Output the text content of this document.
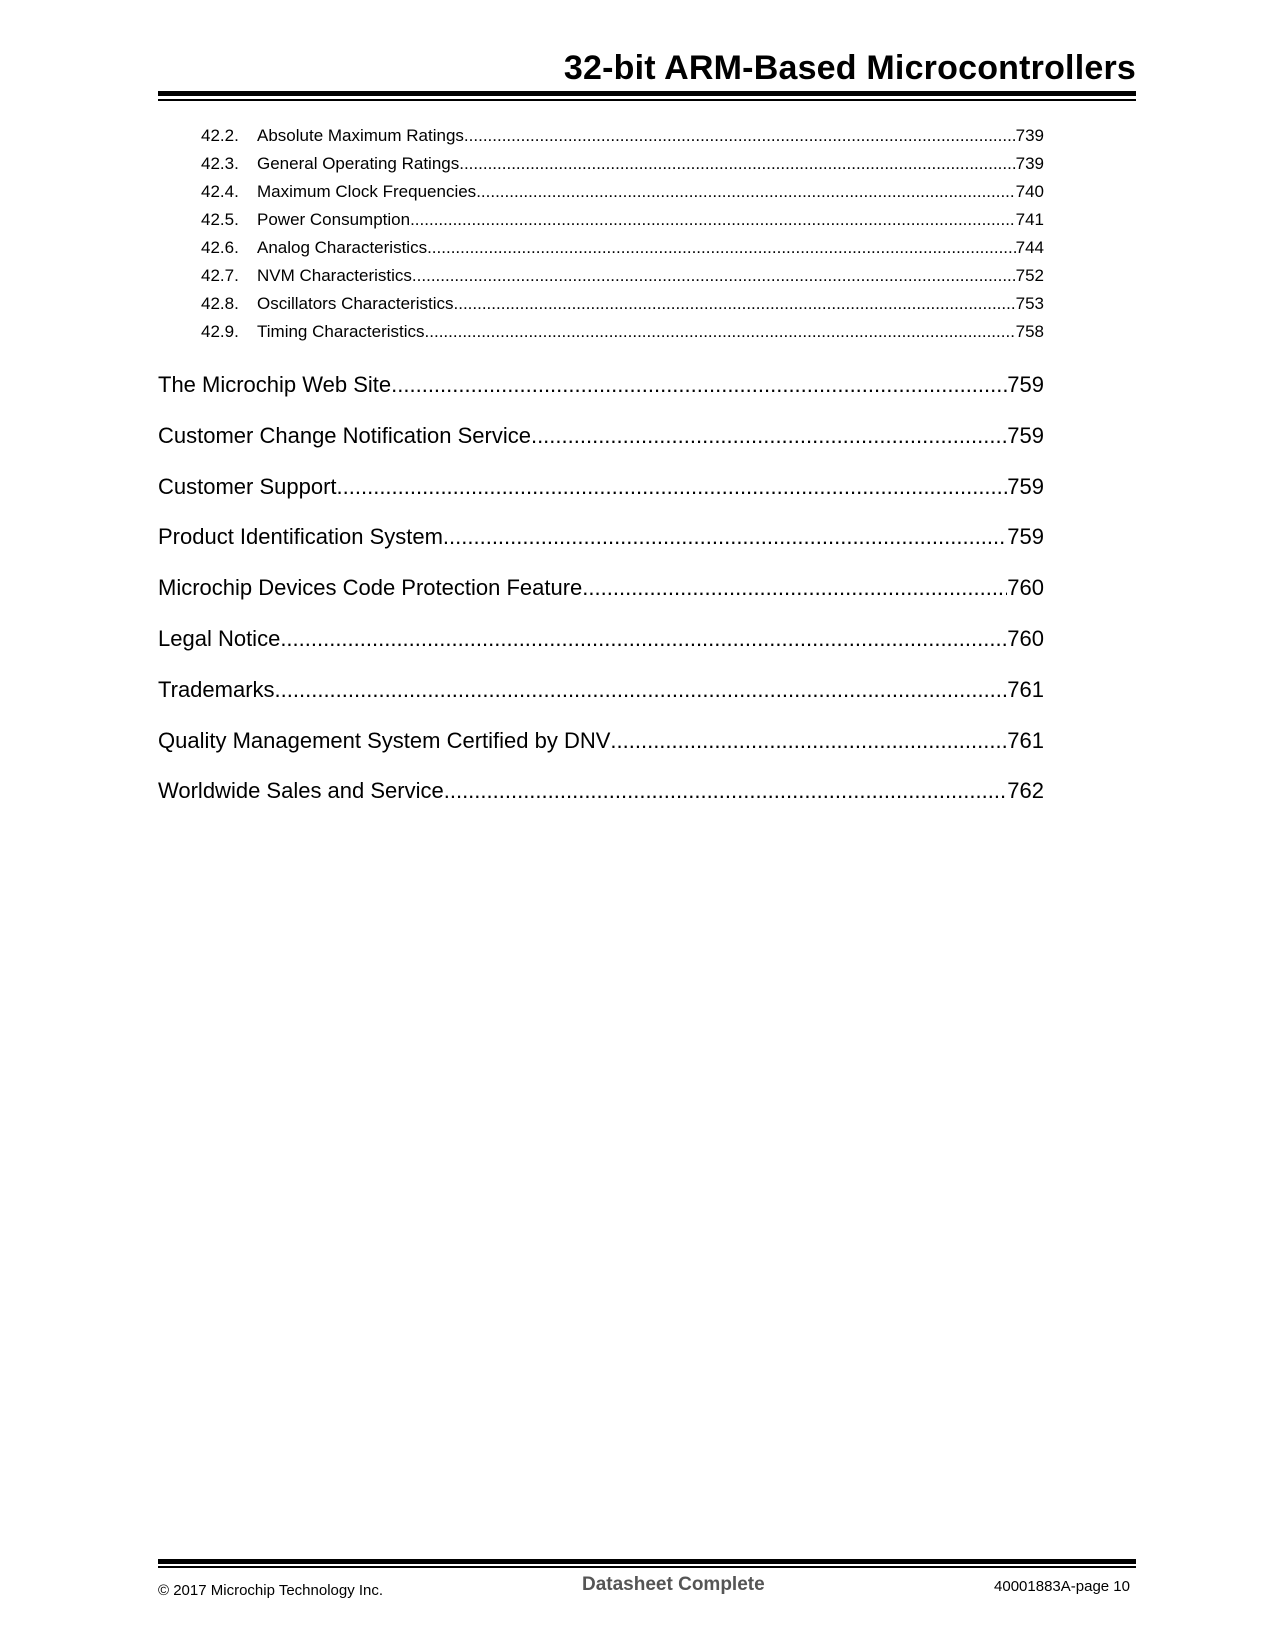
32-bit ARM-Based Microcontrollers
42.2.	Absolute Maximum Ratings .....	739
42.3.	General Operating Ratings .....	739
42.4.	Maximum Clock Frequencies .....	740
42.5.	Power Consumption .....	741
42.6.	Analog Characteristics .....	744
42.7.	NVM Characteristics .....	752
42.8.	Oscillators Characteristics .....	753
42.9.	Timing Characteristics .....	758
The Microchip Web Site .....	759
Customer Change Notification Service .....	759
Customer Support .....	759
Product Identification System .....	759
Microchip Devices Code Protection Feature .....	760
Legal Notice .....	760
Trademarks .....	761
Quality Management System Certified by DNV .....	761
Worldwide Sales and Service .....	762
© 2017 Microchip Technology Inc.	Datasheet Complete	40001883A-page 10
